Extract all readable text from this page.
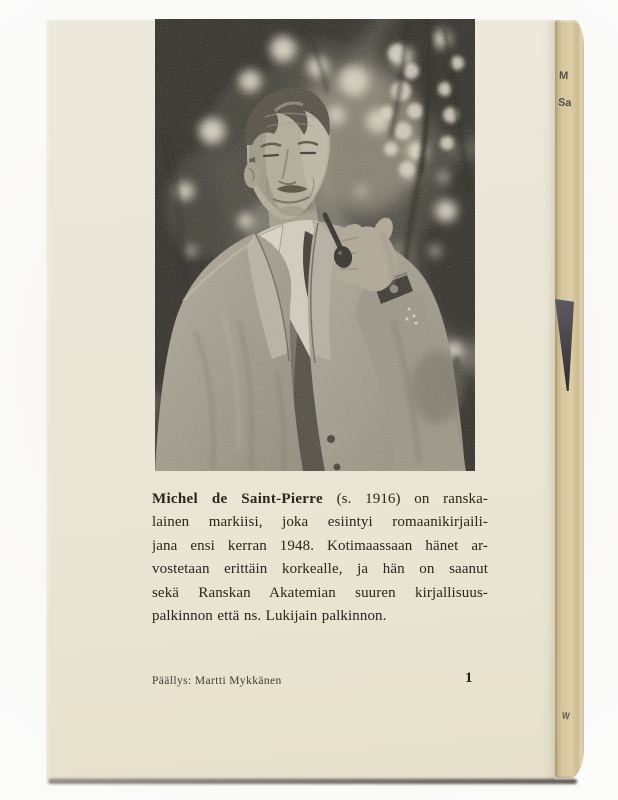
Michel de Saint-Pierre (s. 1916) on ranska-
lainen markiisi, joka esiintyi romaanikirjaili-
jana ensi kerran 1948. Kotimaassaan hänet ar-
vostetaan erittäin korkealle, ja hän on saanut
sekä Ranskan Akatemian suuren kirjallisuus-
palkinnon että ns. Lukijain palkinnon.
Päällys: Martti Mykkänen	1
M
Sa
W
